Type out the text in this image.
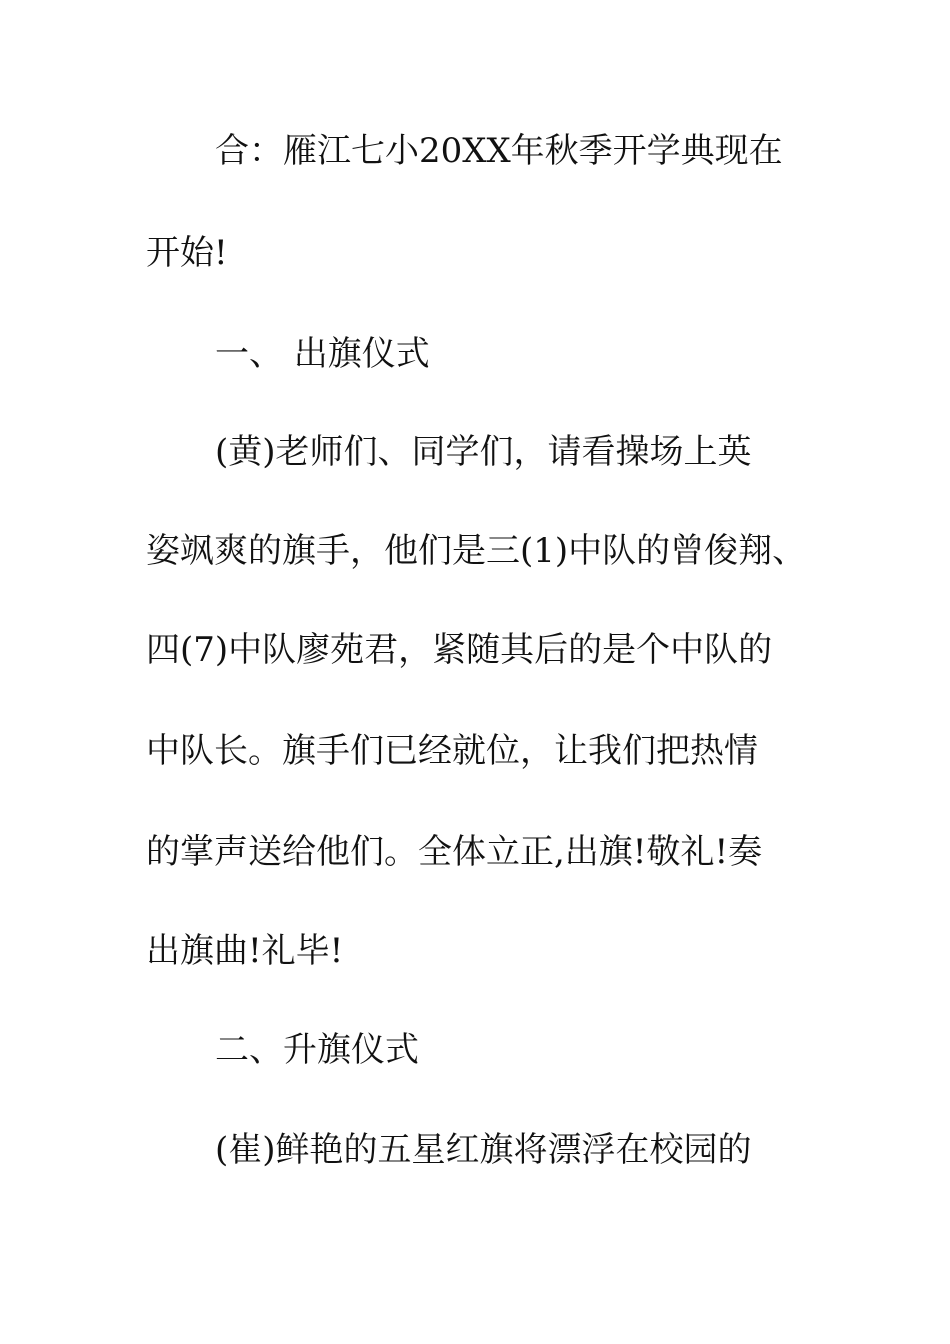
合：雁江七小20XX年秋季开学典现在
开始!
一、 出旗仪式
(黄)老师们、同学们，请看操场上英
姿飒爽的旗手，他们是三(1)中队的曾俊翔、
四(7)中队廖苑君，紧随其后的是个中队的
中队长。旗手们已经就位，让我们把热情
的掌声送给他们。全体立正,出旗!敬礼!奏
出旗曲!礼毕!
二、升旗仪式
(崔)鲜艳的五星红旗将漂浮在校园的
